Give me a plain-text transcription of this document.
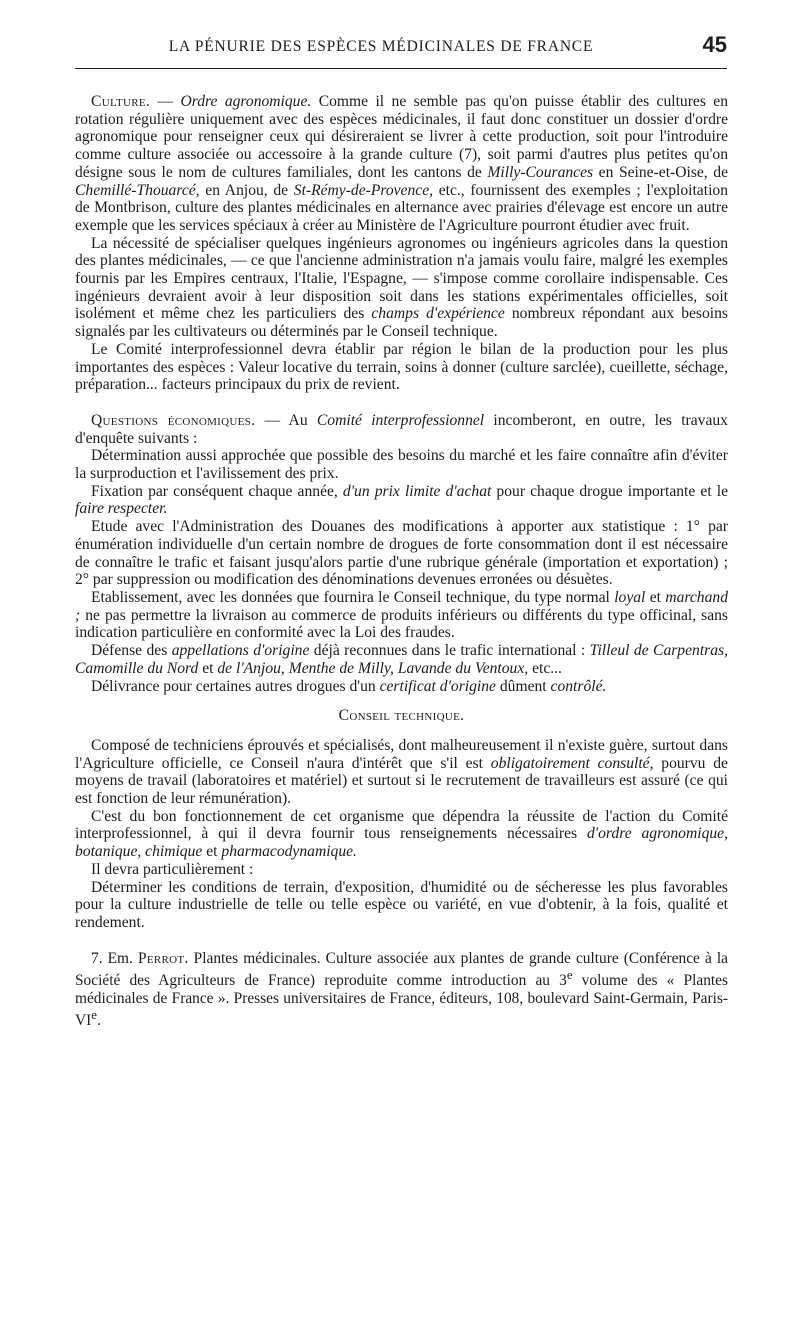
LA PÉNURIE DES ESPÈCES MÉDICINALES DE FRANCE	45

Culture. — Ordre agronomique. Comme il ne semble pas qu'on puisse établir des cultures en rotation régulière uniquement avec des espèces médicinales, il faut donc constituer un dossier d'ordre agronomique pour renseigner ceux qui désireraient se livrer à cette production, soit pour l'introduire comme culture associée ou accessoire à la grande culture (7), soit parmi d'autres plus petites qu'on désigne sous le nom de cultures familiales, dont les cantons de Milly-Courances en Seine-et-Oise, de Chemillé-Thouarcé, en Anjou, de St-Rémy-de-Provence, etc., fournissent des exemples ; l'exploitation de Montbrison, culture des plantes médicinales en alternance avec prairies d'élevage est encore un autre exemple que les services spéciaux à créer au Ministère de l'Agriculture pourront étudier avec fruit.

La nécessité de spécialiser quelques ingénieurs agronomes ou ingénieurs agricoles dans la question des plantes médicinales, — ce que l'ancienne administration n'a jamais voulu faire, malgré les exemples fournis par les Empires centraux, l'Italie, l'Espagne, — s'impose comme corollaire indispensable. Ces ingénieurs devraient avoir à leur disposition soit dans les stations expérimentales officielles, soit isolément et même chez les particuliers des champs d'expérience nombreux répondant aux besoins signalés par les cultivateurs ou déterminés par le Conseil technique.

Le Comité interprofessionnel devra établir par région le bilan de la production pour les plus importantes des espèces : Valeur locative du terrain, soins à donner (culture sarclée), cueillette, séchage, préparation... facteurs principaux du prix de revient.

Questions économiques. — Au Comité interprofessionnel incomberont, en outre, les travaux d'enquête suivants :

Détermination aussi approchée que possible des besoins du marché et les faire connaître afin d'éviter la surproduction et l'avilissement des prix.

Fixation par conséquent chaque année, d'un prix limite d'achat pour chaque drogue importante et le faire respecter.

Etude avec l'Administration des Douanes des modifications à apporter aux statistique : 1° par énumération individuelle d'un certain nombre de drogues de forte consommation dont il est nécessaire de connaître le trafic et faisant jusqu'alors partie d'une rubrique générale (importation et exportation) ; 2° par suppression ou modification des dénominations devenues erronées ou désuètes.

Etablissement, avec les données que fournira le Conseil technique, du type normal loyal et marchand ; ne pas permettre la livraison au commerce de produits inférieurs ou différents du type officinal, sans indication particulière en conformité avec la Loi des fraudes.

Défense des appellations d'origine déjà reconnues dans le trafic international : Tilleul de Carpentras, Camomille du Nord et de l'Anjou, Menthe de Milly, Lavande du Ventoux, etc...

Délivrance pour certaines autres drogues d'un certificat d'origine dûment contrôlé.

Conseil technique.

Composé de techniciens éprouvés et spécialisés, dont malheureusement il n'existe guère, surtout dans l'Agriculture officielle, ce Conseil n'aura d'intérêt que s'il est obligatoirement consulté, pourvu de moyens de travail (laboratoires et matériel) et surtout si le recrutement de travailleurs est assuré (ce qui est fonction de leur rémunération).

C'est du bon fonctionnement de cet organisme que dépendra la réussite de l'action du Comité interprofessionnel, à qui il devra fournir tous renseignements nécessaires d'ordre agronomique, botanique, chimique et pharmacodynamique.

Il devra particulièrement :

Déterminer les conditions de terrain, d'exposition, d'humidité ou de sécheresse les plus favorables pour la culture industrielle de telle ou telle espèce ou variété, en vue d'obtenir, à la fois, qualité et rendement.

7. Em. Perrot. Plantes médicinales. Culture associée aux plantes de grande culture (Conférence à la Société des Agriculteurs de France) reproduite comme introduction au 3e volume des « Plantes médicinales de France ». Presses universitaires de France, éditeurs, 108, boulevard Saint-Germain, Paris-VIe.
